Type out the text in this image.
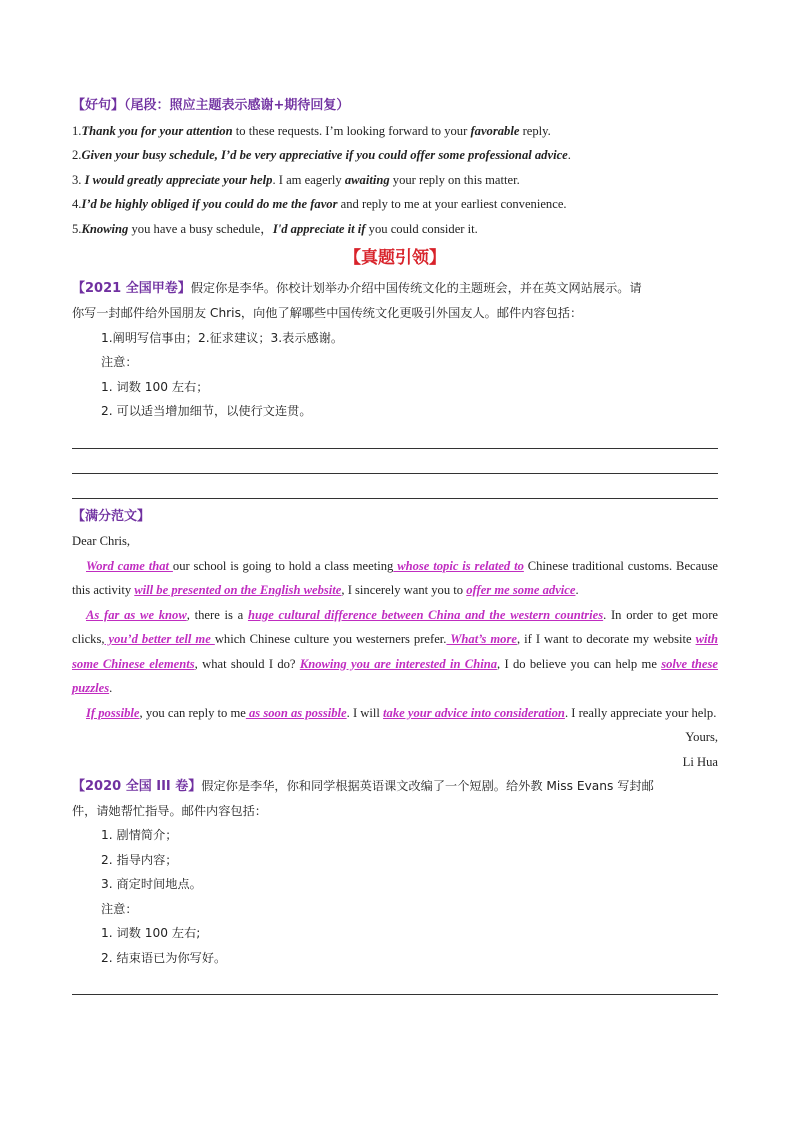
【好句】（尾段：照应主题表示感谢+期待回复）
1.Thank you for your attention to these requests. I’m looking forward to your favorable reply.
2.Given your busy schedule, I’d be very appreciative if you could offer some professional advice.
3. I would greatly appreciate your help. I am eagerly awaiting your reply on this matter.
4.I’d be highly obliged if you could do me the favor and reply to me at your earliest convenience.
5.Knowing you have a busy schedule，I'd appreciate it if you could consider it.
【真题引领】
【2021 全国甲卷】假定你是李华。你校计划举办介绍中国传统文化的主题班会，并在英文网站展示。请
你写一封邮件给外国朋友 Chris，向他了解哪些中国传统文化更吸引外国友人。邮件内容包括：
1.阐明写信事由；2.征求建议；3.表示感谢。
注意：
1. 词数 100 左右；
2. 可以适当增加细节，以使行文连贯。
【满分范文】
Dear Chris,
Word came that our school is going to hold a class meeting whose topic is related to Chinese traditional customs. Because this activity will be presented on the English website, I sincerely want you to offer me some advice.
As far as we know, there is a huge cultural difference between China and the western countries. In order to get more clicks, you’d better tell me which Chinese culture you westerners prefer. What’s more, if I want to decorate my website with some Chinese elements, what should I do? Knowing you are interested in China, I do believe you can help me solve these puzzles.
If possible, you can reply to me as soon as possible. I will take your advice into consideration. I really appreciate your help.
Yours,
Li Hua
【2020 全国 III 卷】假定你是李华，你和同学根据英语课文改编了一个短剧。给外教 Miss Evans 写封邮
件，请她帮忙指导。邮件内容包括：
1. 剧情简介；
2. 指导内容；
3. 商定时间地点。
注意：
1. 词数 100 左右;
2. 结束语已为你写好。
